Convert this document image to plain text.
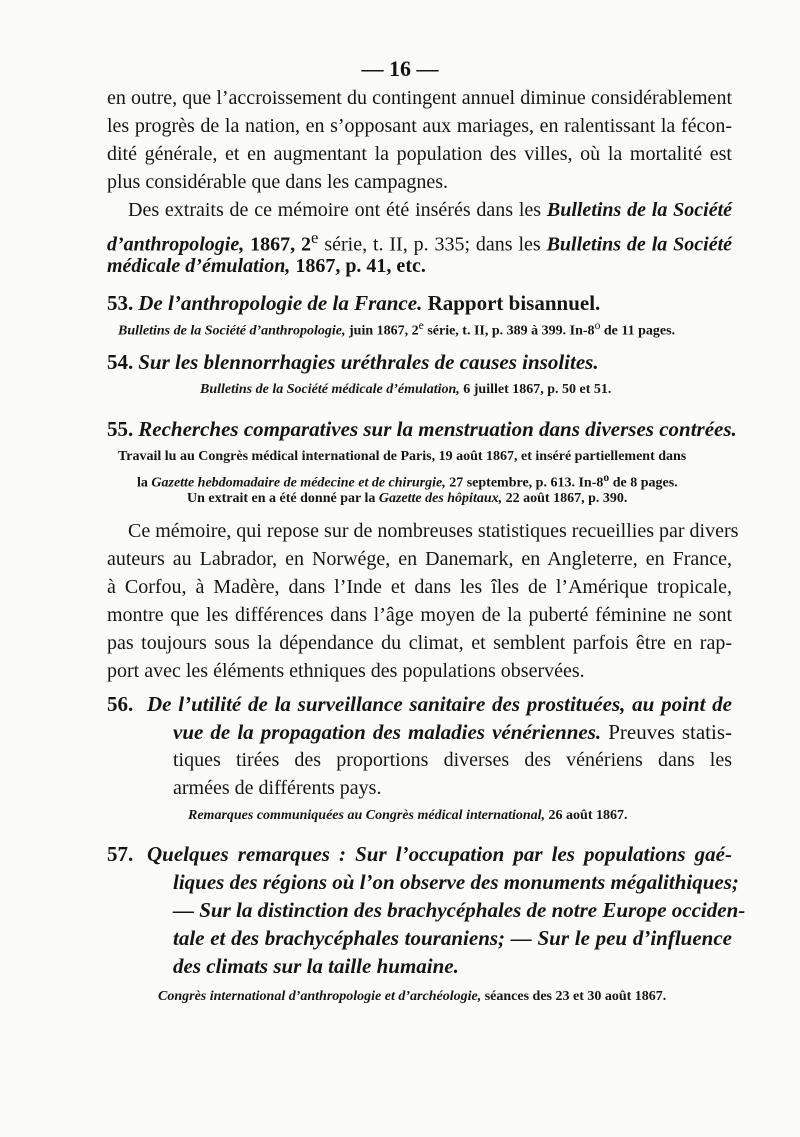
— 16 —
en outre, que l’accroissement du contingent annuel diminue considérablement
les progrès de la nation, en s’opposant aux mariages, en ralentissant la fécon-
dité générale, et en augmentant la population des villes, où la mortalité est
plus considérable que dans les campagnes.
Des extraits de ce mémoire ont été insérés dans les Bulletins de la Société
d’anthropologie, 1867, 2e série, t. II, p. 335; dans les Bulletins de la Société
médicale d’émulation, 1867, p. 41, etc.
53. De l’anthropologie de la France. Rapport bisannuel.
Bulletins de la Société d’anthropologie, juin 1867, 2e série, t. II, p. 389 à 399. In-8$^o$ de 11 pages.
54. Sur les blennorrhagies uréthrales de causes insolites.
Bulletins de la Société médicale d’émulation, 6 juillet 1867, p. 50 et 51.
55. Recherches comparatives sur la menstruation dans diverses contrées.
Travail lu au Congrès médical international de Paris, 19 août 1867, et inséré partiellement dans
la Gazette hebdomadaire de médecine et de chirurgie, 27 septembre, p. 613. In-8$^o$ de 8 pages.
Un extrait en a été donné par la Gazette des hôpitaux, 22 août 1867, p. 390.
Ce mémoire, qui repose sur de nombreuses statistiques recueillies par divers
auteurs au Labrador, en Norwége, en Danemark, en Angleterre, en France,
à Corfou, à Madère, dans l’Inde et dans les îles de l’Amérique tropicale,
montre que les différences dans l’âge moyen de la puberté féminine ne sont
pas toujours sous la dépendance du climat, et semblent parfois être en rap-
port avec les éléments ethniques des populations observées.
56. De l’utilité de la surveillance sanitaire des prostituées, au point de
vue de la propagation des maladies vénériennes. Preuves statis-
tiques tirées des proportions diverses des vénériens dans les
armées de différents pays.
Remarques communiquées au Congrès médical international, 26 août 1867.
57. Quelques remarques : Sur l’occupation par les populations gaé-
liques des régions où l’on observe des monuments mégalithiques;
— Sur la distinction des brachycéphales de notre Europe occiden-
tale et des brachycéphales touraniens; — Sur le peu d’influence
des climats sur la taille humaine.
Congrès international d’anthropologie et d’archéologie, séances des 23 et 30 août 1867.
